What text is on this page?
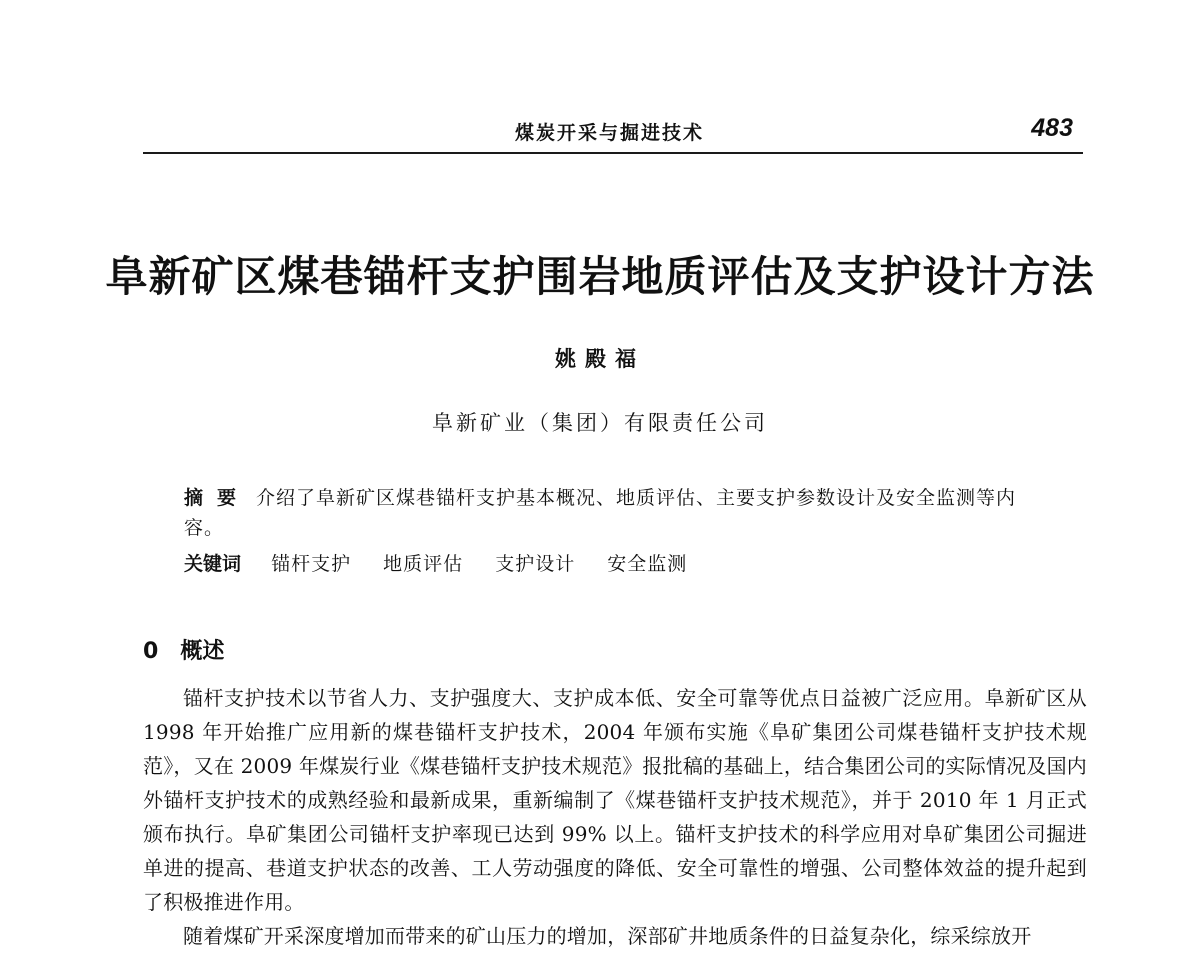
煤炭开采与掘进技术	483
阜新矿区煤巷锚杆支护围岩地质评估及支护设计方法
姚殿福
阜新矿业（集团）有限责任公司
摘要 介绍了阜新矿区煤巷锚杆支护基本概况、地质评估、主要支护参数设计及安全监测等内容。
关键词 锚杆支护 地质评估 支护设计 安全监测
0 概述

锚杆支护技术以节省人力、支护强度大、支护成本低、安全可靠等优点日益被广泛应用。阜新矿区从 1998 年开始推广应用新的煤巷锚杆支护技术，2004 年颁布实施《阜矿集团公司煤巷锚杆支护技术规范》，又在 2009 年煤炭行业《煤巷锚杆支护技术规范》报批稿的基础上，结合集团公司的实际情况及国内外锚杆支护技术的成熟经验和最新成果，重新编制了《煤巷锚杆支护技术规范》，并于 2010 年 1 月正式颁布执行。阜矿集团公司锚杆支护率现已达到 99% 以上。锚杆支护技术的科学应用对阜矿集团公司掘进单进的提高、巷道支护状态的改善、工人劳动强度的降低、安全可靠性的增强、公司整体效益的提升起到了积极推进作用。

随着煤矿开采深度增加而带来的矿山压力的增加，深部矿井地质条件的日益复杂化，综采综放开
